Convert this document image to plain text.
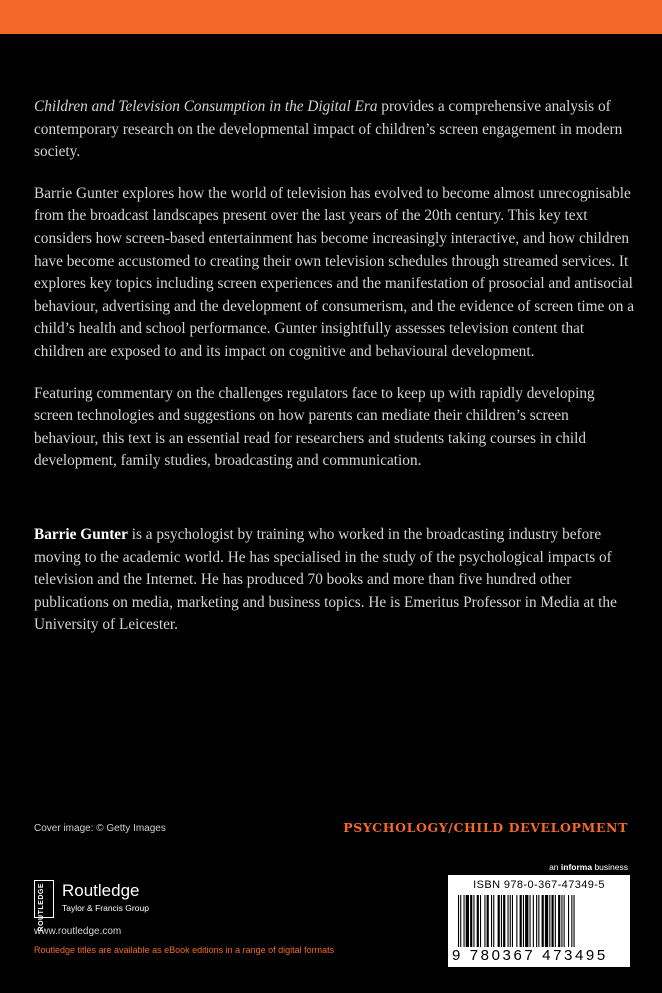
Children and Television Consumption in the Digital Era provides a comprehensive analysis of contemporary research on the developmental impact of children’s screen engagement in modern society.

Barrie Gunter explores how the world of television has evolved to become almost unrecognisable from the broadcast landscapes present over the last years of the 20th century. This key text considers how screen-based entertainment has become increasingly interactive, and how children have become accustomed to creating their own television schedules through streamed services. It explores key topics including screen experiences and the manifestation of prosocial and antisocial behaviour, advertising and the development of consumerism, and the evidence of screen time on a child’s health and school performance. Gunter insightfully assesses television content that children are exposed to and its impact on cognitive and behavioural development.

Featuring commentary on the challenges regulators face to keep up with rapidly developing screen technologies and suggestions on how parents can mediate their children’s screen behaviour, this text is an essential read for researchers and students taking courses in child development, family studies, broadcasting and communication.

Barrie Gunter is a psychologist by training who worked in the broadcasting industry before moving to the academic world. He has specialised in the study of the psychological impacts of television and the Internet. He has produced 70 books and more than five hundred other publications on media, marketing and business topics. He is Emeritus Professor in Media at the University of Leicester.
Cover image: © Getty Images	PSYCHOLOGY/CHILD DEVELOPMENT
ROUTLEDGE Routledge
Taylor & Francis Group
www.routledge.com
Routledge titles are available as eBook editions in a range of digital formats
an informa business
ISBN 978-0-367-47349-5
9 780367 473495
